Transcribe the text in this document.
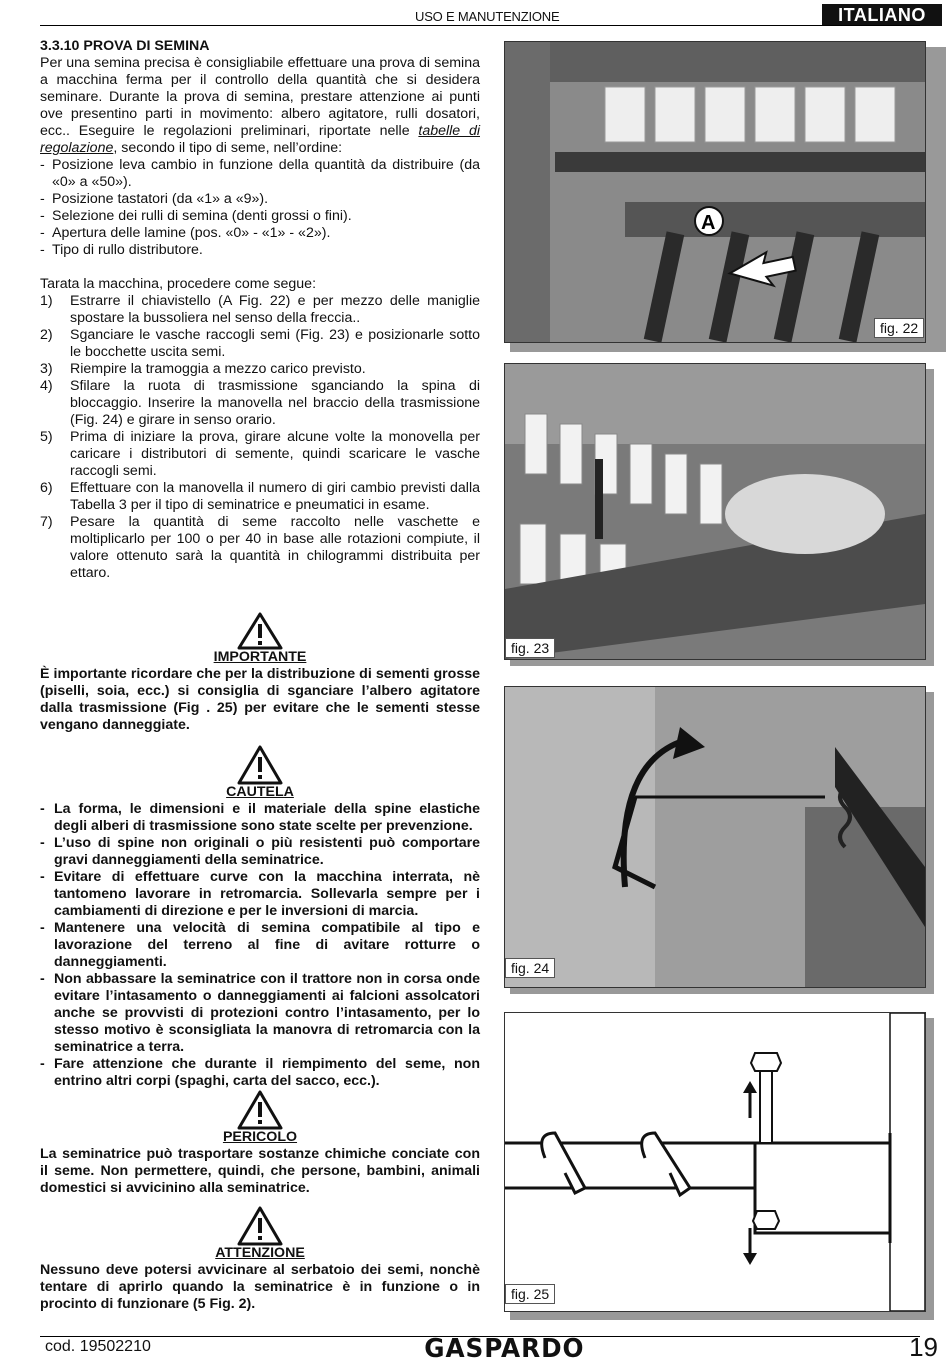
USO E MANUTENZIONE	ITALIANO

3.3.10 PROVA DI SEMINA

Per una semina precisa è consigliabile effettuare una prova di semina a macchina ferma per il controllo della quantità che si desidera seminare. Durante la prova di semina, prestare attenzione ai punti ove presentino parti in movimento: albero agitatore, rulli dosatori, ecc.. Eseguire le regolazioni preliminari, riportate nelle tabelle di regolazione, secondo il tipo di seme, nell’ordine:

- Posizione leva cambio in funzione della quantità da distribuire (da «0» a «50»).
- Posizione tastatori (da «1» a «9»).
- Selezione dei rulli di semina (denti grossi o fini).
- Apertura delle lamine (pos. «0» - «1» - «2»).
- Tipo di rullo distributore.

Tarata la macchina, procedere come segue:

1)	Estrarre il chiavistello (A Fig. 22) e per mezzo delle maniglie spostare la bussoliera nel senso della freccia..
2)	Sganciare le vasche raccogli semi (Fig. 23) e posizionarle sotto le bocchette uscita semi.
3)	Riempire la tramoggia a mezzo carico previsto.
4)	Sfilare la ruota di trasmissione sganciando la spina di bloccaggio. Inserire la manovella nel braccio della trasmissione (Fig. 24) e girare in senso orario.
5)	Prima di iniziare la prova, girare alcune volte la monovella per caricare i distributori di semente, quindi scaricare le vasche raccogli semi.
6)	Effettuare con la manovella il numero di giri cambio previsti dalla Tabella 3 per il tipo di seminatrice e pneumatici in esame.
7)	Pesare la quantità di seme raccolto nelle vaschette e moltiplicarlo per 100 o per 40 in base alle rotazioni compiute, il valore ottenuto sarà la quantità in chilogrammi distribuita per ettaro.
IMPORTANTE

È importante ricordare che per la distribuzione di sementi grosse (piselli, soia, ecc.) si consiglia di sganciare l’albero agitatore dalla trasmissione (Fig . 25) per evitare che le sementi stesse vengano danneggiate.

CAUTELA
- La forma, le dimensioni e il materiale della spine elastiche degli alberi di trasmissione sono state scelte per prevenzione.
- L’uso di spine non originali o più resistenti può comportare gravi danneggiamenti della seminatrice.
- Evitare di effettuare curve con la macchina interrata, nè tantomeno lavorare in retromarcia. Sollevarla sempre per i cambiamenti di direzione e per le inversioni di marcia.
- Mantenere una velocità di semina compatibile al tipo e lavorazione del terreno al fine di avitare rotturre o danneggiamenti.
- Non abbassare la seminatrice con il trattore non in corsa onde evitare l’intasamento o danneggiamenti ai falcioni assolcatori anche se provvisti di protezioni contro l’intasamento, per lo stesso motivo è sconsigliata la manovra di retromarcia con la seminatrice a terra.
- Fare attenzione che durante il riempimento del seme, non entrino altri corpi (spaghi, carta del sacco, ecc.).
PERICOLO

La seminatrice può trasportare sostanze chimiche conciate con il seme. Non permettere, quindi, che persone, bambini, animali domestici si avvicinino alla seminatrice.

ATTENZIONE

Nessuno deve potersi avvicinare al serbatoio dei semi, nonchè tentare di aprirlo quando la seminatrice è in funzione o in procinto di funzionare (5 Fig. 2).

A
fig. 22
fig. 23
fig. 24
fig. 25
cod. 19502210	GASPARDO	19
